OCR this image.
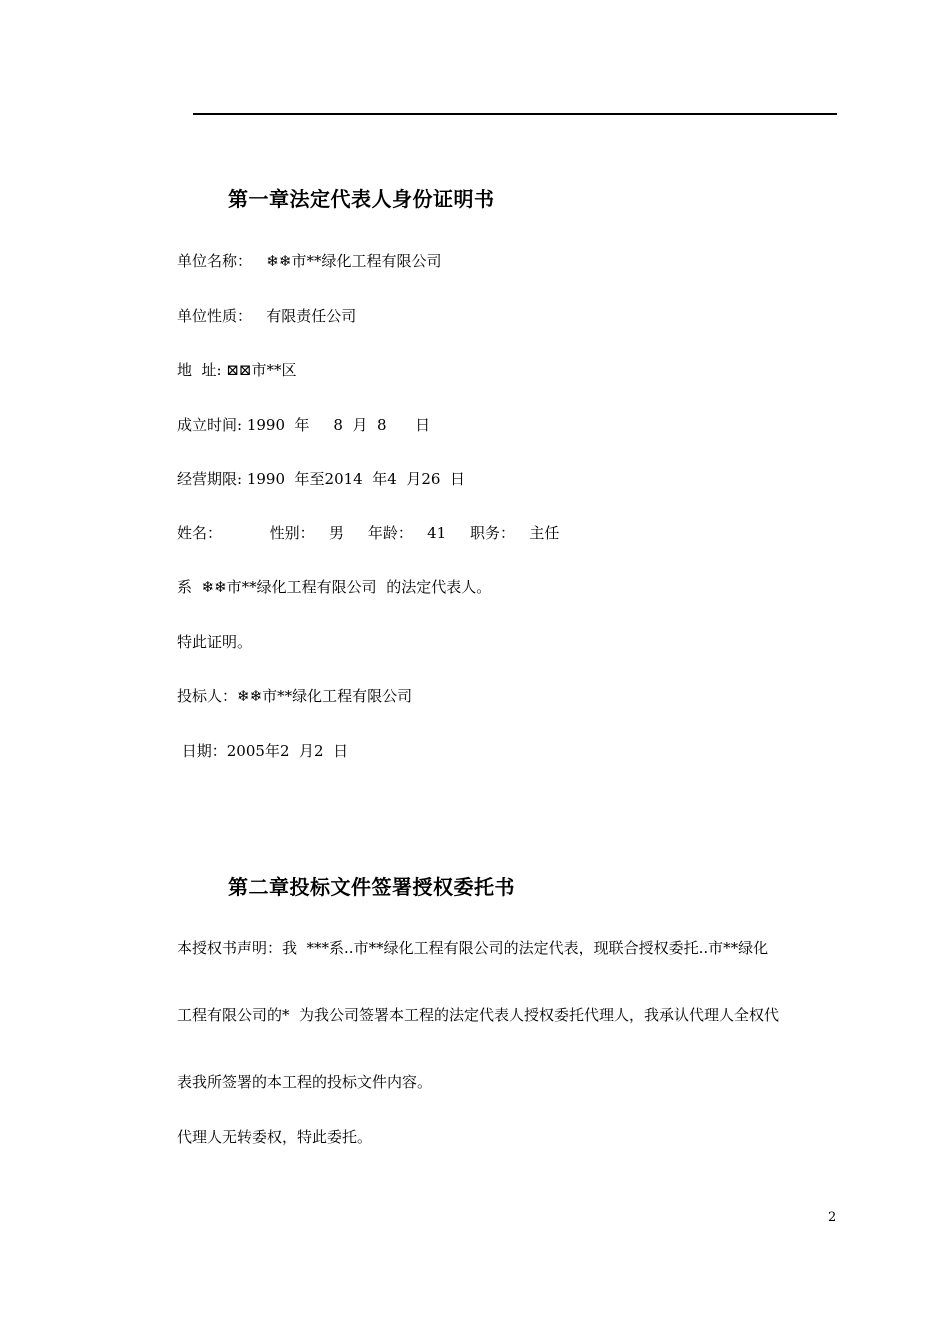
第一章法定代表人身份证明书
单位名称：   ❄❄市**绿化工程有限公司
单位性质：   有限责任公司
地  址: ⊠⊠市**区
成立时间: 1990  年     8  月  8      日
经营期限: 1990  年至2014  年4  月26  日
姓名：          性别：   男     年龄：   41     职务：   主任
系  ❄❄市**绿化工程有限公司  的法定代表人。
特此证明。
投标人：❄❄市**绿化工程有限公司
日期：2005年2  月2  日
第二章投标文件签署授权委托书
本授权书声明：我  ***系..市**绿化工程有限公司的法定代表，现联合授权委托..市**绿化
工程有限公司的*  为我公司签署本工程的法定代表人授权委托代理人，我承认代理人全权代
表我所签署的本工程的投标文件内容。
代理人无转委权，特此委托。
2
